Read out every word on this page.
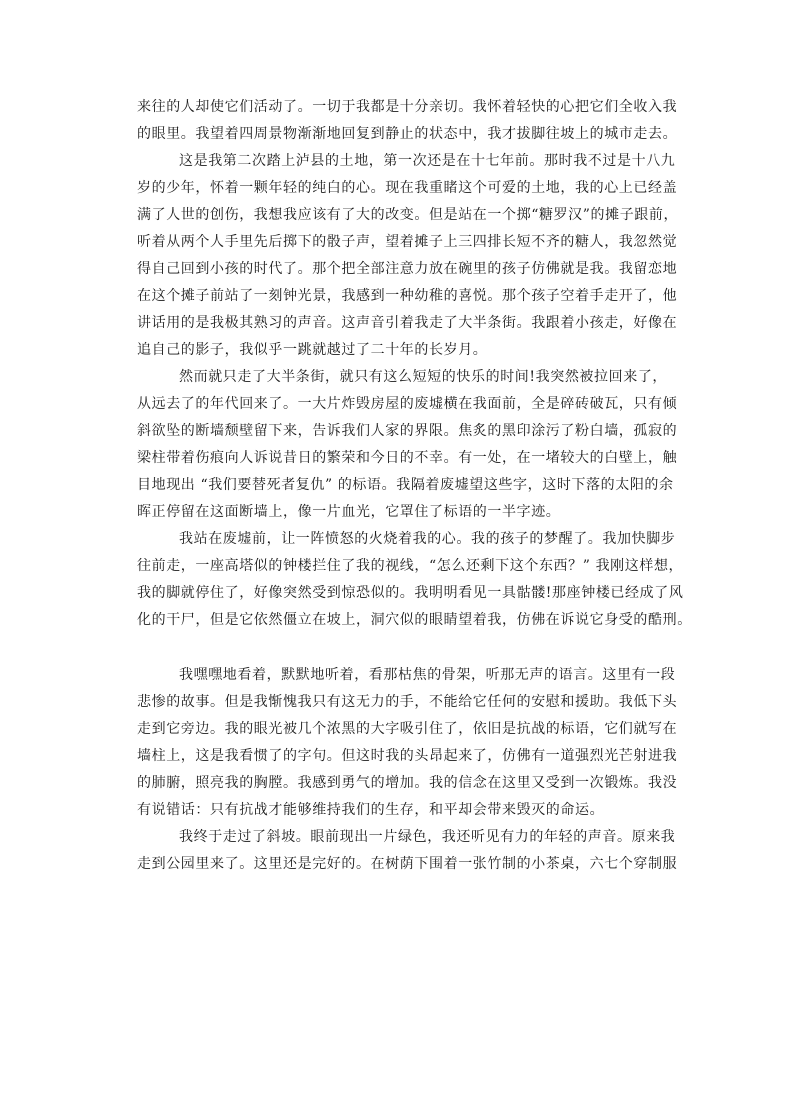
来往的人却使它们活动了。一切于我都是十分亲切。我怀着轻快的心把它们全收入我
的眼里。我望着四周景物渐渐地回复到静止的状态中，我才拔脚往坡上的城市走去。
这是我第二次踏上泸县的土地，第一次还是在十七年前。那时我不过是十八九
岁的少年，怀着一颗年轻的纯白的心。现在我重睹这个可爱的土地，我的心上已经盖
满了人世的创伤，我想我应该有了大的改变。但是站在一个掷“糖罗汉”的摊子跟前，
听着从两个人手里先后掷下的骰子声，望着摊子上三四排长短不齐的糖人，我忽然觉
得自己回到小孩的时代了。那个把全部注意力放在碗里的孩子仿佛就是我。我留恋地
在这个摊子前站了一刻钟光景，我感到一种幼稚的喜悦。那个孩子空着手走开了，他
讲话用的是我极其熟习的声音。这声音引着我走了大半条街。我跟着小孩走，好像在
追自己的影子，我似乎一跳就越过了二十年的长岁月。
然而就只走了大半条街，就只有这么短短的快乐的时间!我突然被拉回来了，
从远去了的年代回来了。一大片炸毁房屋的废墟横在我面前，全是碎砖破瓦，只有倾
斜欲坠的断墙颓壁留下来，告诉我们人家的界限。焦炙的黑印涂污了粉白墙，孤寂的
梁柱带着伤痕向人诉说昔日的繁荣和今日的不幸。有一处，在一堵较大的白壁上，触
目地现出 “我们要替死者复仇” 的标语。我隔着废墟望这些字，这时下落的太阳的余
晖正停留在这面断墙上，像一片血光，它罩住了标语的一半字迹。
我站在废墟前，让一阵愤怒的火烧着我的心。我的孩子的梦醒了。我加快脚步
往前走，一座高塔似的钟楼拦住了我的视线，“怎么还剩下这个东西？” 我刚这样想，
我的脚就停住了，好像突然受到惊恐似的。我明明看见一具骷髅!那座钟楼已经成了风
化的干尸，但是它依然僵立在坡上，洞穴似的眼睛望着我，仿佛在诉说它身受的酷刑。
我嘿嘿地看着，默默地听着，看那枯焦的骨架，听那无声的语言。这里有一段
悲惨的故事。但是我惭愧我只有这无力的手，不能给它任何的安慰和援助。我低下头
走到它旁边。我的眼光被几个浓黑的大字吸引住了，依旧是抗战的标语，它们就写在
墙柱上，这是我看惯了的字句。但这时我的头昂起来了，仿佛有一道强烈光芒射进我
的肺腑，照亮我的胸膛。我感到勇气的增加。我的信念在这里又受到一次锻炼。我没
有说错话：只有抗战才能够维持我们的生存，和平却会带来毁灭的命运。
我终于走过了斜坡。眼前现出一片绿色，我还听见有力的年轻的声音。原来我
走到公园里来了。这里还是完好的。在树荫下围着一张竹制的小茶桌，六七个穿制服
